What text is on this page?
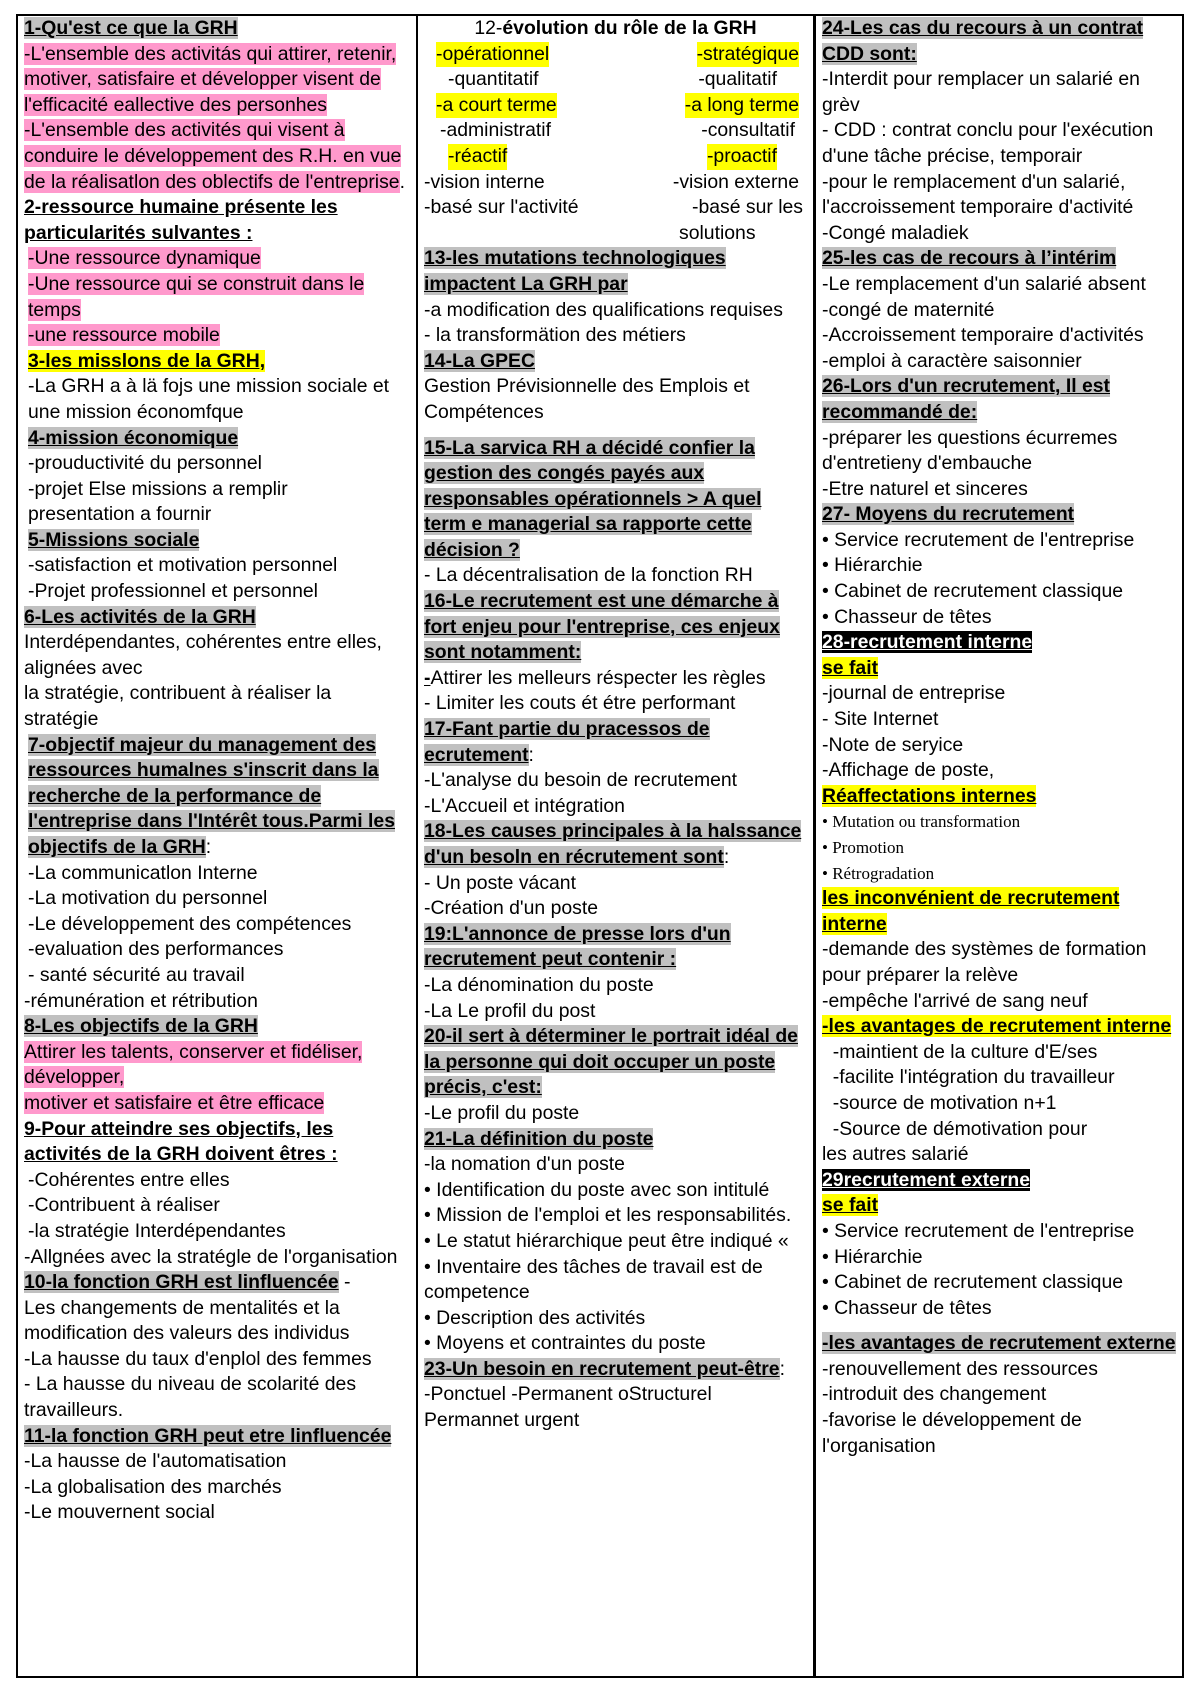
1-Qu'est ce que la GRH
-L'ensemble des activitás qui attirer, retenir, motiver, satisfaire et développer visent de l'efficacité eallective des personhes
-L'ensemble des activités qui visent à conduire le développement des R.H. en vue de la réalisatlon des oblectifs de l'entreprise.
2-ressource humaine présente les particularités sulvantes :
-Une ressource dynamique
-Une ressource qui se construit dans le temps
-une ressource mobile
3-les misslons de la GRH,
-La GRH a à lä fojs une mission sociale et une mission économfque
4-mission économique
-prouductivité du personnel
-projet Else missions a remplir
presentation a fournir
5-Missions sociale
-satisfaction et motivation personnel
-Projet professionnel et personnel
6-Les activités de la GRH
Interdépendantes, cohérentes entre elles, alignées avec
la stratégie, contribuent à réaliser la stratégie
7-objectif majeur du management des ressources humalnes s'inscrit dans la recherche de la performance de l'entreprise dans l'Intérêt tous.Parmi les objectifs de la GRH:
-La communicatlon Interne
-La motivation du personnel
-Le développement des compétences
-evaluation des performances
- santé sécurité au travail
-rémunération et rétribution
8-Les objectifs de la GRH
Attirer les talents, conserver et fidéliser, développer,
motiver et satisfaire et être efficace
9-Pour atteindre ses objectifs, les activités de la GRH doivent êtres :
-Cohérentes entre elles
-Contribuent à réaliser
-la stratégie Interdépendantes
-Allgnées avec la stratégle de l'organisation
10-la fonction GRH est linfluencée -
Les changements de mentalités et la modification des valeurs des individus
-La hausse du taux d'enplol des femmes
- La hausse du niveau de scolarité des travailleurs.
11-la fonction GRH peut etre linfluencée
-La hausse de l'automatisation
-La globalisation des marchés
-Le mouvernent social
12-évolution du rôle de la GRH
-opérationnel	-stratégique
-quantitatif	-qualitatif
-a court terme	-a long terme
-administratif	-consultatif
-réactif	-proactif
-vision interne	-vision externe
-basé sur l'activité	-basé sur les
solutions
13-les mutations technologiques impactent La GRH par
-a modification des qualifications requises
- la transformätion des métiers
14-La GPEC
Gestion Prévisionnelle des Emplois et Compétences
15-La sarvica RH a décidé confier la gestion des congés payés aux responsables opérationnels > A quel term e managerial sa rapporte cette décision ?
- La décentralisation de la fonction RH
16-Le recrutement est une démarche à fort enjeu pour l'entreprise, ces enjeux sont notamment:
-Attirer les melleurs réspecter les règles
- Limiter les couts ét étre performant
17-Fant partie du pracessos de ecrutement:
-L'analyse du besoin de recrutement
-L'Accueil et intégration
18-Les causes principales à la halssance d'un besoln en récrutement sont:
- Un poste vácant
-Création d'un poste
19:L'annonce de presse lors d'un recrutement peut contenir :
-La dénomination du poste
-La Le profil du post
20-il sert à déterminer le portrait idéal de la personne qui doit occuper un poste précis, c'est:
-Le profil du poste
21-La définition du poste
-la nomation d'un poste
• Identification du poste avec son intitulé
• Mission de l'emploi et les responsabilités.
• Le statut hiérarchique peut être indiqué «
• Inventaire des tâches de travail est de competence
• Description des activités
• Moyens et contraintes du poste
23-Un besoin en recrutement peut-être:
-Ponctuel -Permanent oStructurel
Permannet urgent
24-Les cas du recours à un contrat CDD sont:
-Interdit pour remplacer un salarié en grèv
- CDD : contrat conclu pour l'exécution d'une tâche précise, temporair
-pour le remplacement d'un salarié, l'accroissement temporaire d'activité
-Congé maladiek
25-les cas de recours à l’intérim
-Le remplacement d'un salarié absent
-congé de maternité
-Accroissement temporaire d'activités
-emploi à caractère saisonnier
26-Lors d'un recrutement, Il est recommandé de:
-préparer les questions écurremes d'entretieny d'embauche
-Etre naturel et sinceres
27- Moyens du recrutement
• Service recrutement de l'entreprise
• Hiérarchie
• Cabinet de recrutement classique
• Chasseur de têtes
28-recrutement interne
se fait
-journal de entreprise
- Site Internet
-Note de seryice
-Affichage de poste,
Réaffectations internes
• Mutation ou transformation
• Promotion
• Rétrogradation
les inconvénient de recrutement interne
-demande des systèmes de formation pour préparer la relève
-empêche l'arrivé de sang neuf
-les avantages de recrutement interne
-maintient de la culture d'E/ses
-facilite l'intégration du travailleur
-source de motivation n+1
-Source de démotivation pour
les autres salarié
29recrutement externe
se fait
• Service recrutement de l'entreprise
• Hiérarchie
• Cabinet de recrutement classique
• Chasseur de têtes
-les avantages de recrutement externe
-renouvellement des ressources
-introduit des changement
-favorise le développement de l'organisation
